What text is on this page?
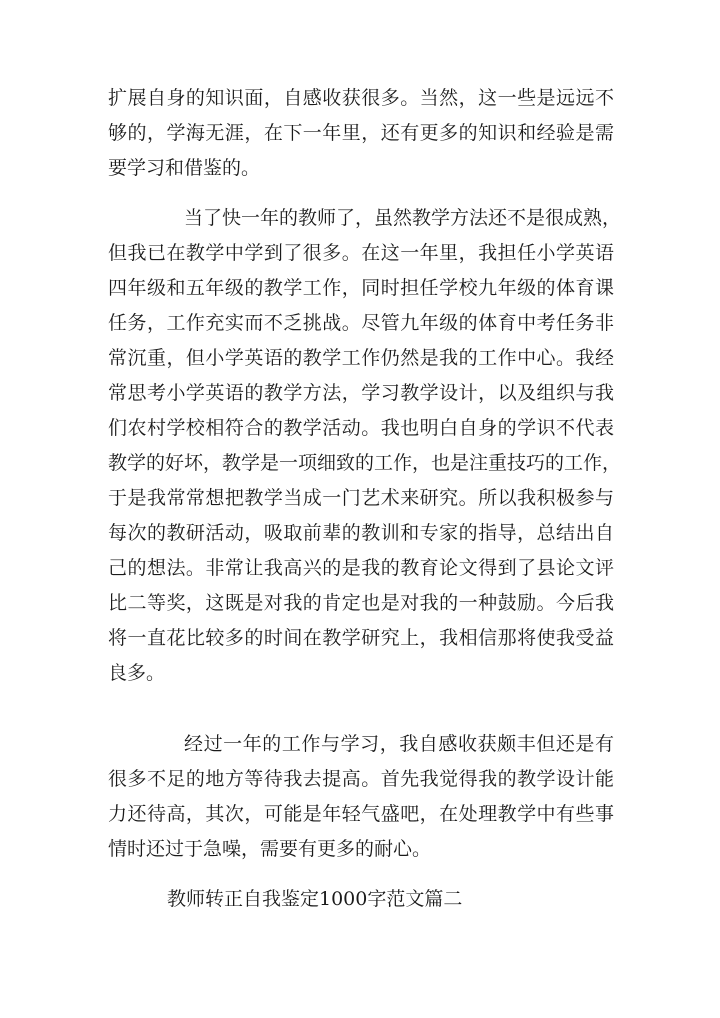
扩展自身的知识面，自感收获很多。当然，这一些是远远不
够的，学海无涯，在下一年里，还有更多的知识和经验是需
要学习和借鉴的。
当了快一年的教师了，虽然教学方法还不是很成熟，
但我已在教学中学到了很多。在这一年里，我担任小学英语
四年级和五年级的教学工作，同时担任学校九年级的体育课
任务，工作充实而不乏挑战。尽管九年级的体育中考任务非
常沉重，但小学英语的教学工作仍然是我的工作中心。我经
常思考小学英语的教学方法，学习教学设计，以及组织与我
们农村学校相符合的教学活动。我也明白自身的学识不代表
教学的好坏，教学是一项细致的工作，也是注重技巧的工作，
于是我常常想把教学当成一门艺术来研究。所以我积极参与
每次的教研活动，吸取前辈的教训和专家的指导，总结出自
己的想法。非常让我高兴的是我的教育论文得到了县论文评
比二等奖，这既是对我的肯定也是对我的一种鼓励。今后我
将一直花比较多的时间在教学研究上，我相信那将使我受益
良多。
经过一年的工作与学习，我自感收获颇丰但还是有
很多不足的地方等待我去提高。首先我觉得我的教学设计能
力还待高，其次，可能是年轻气盛吧，在处理教学中有些事
情时还过于急噪，需要有更多的耐心。
教师转正自我鉴定1000字范文篇二
